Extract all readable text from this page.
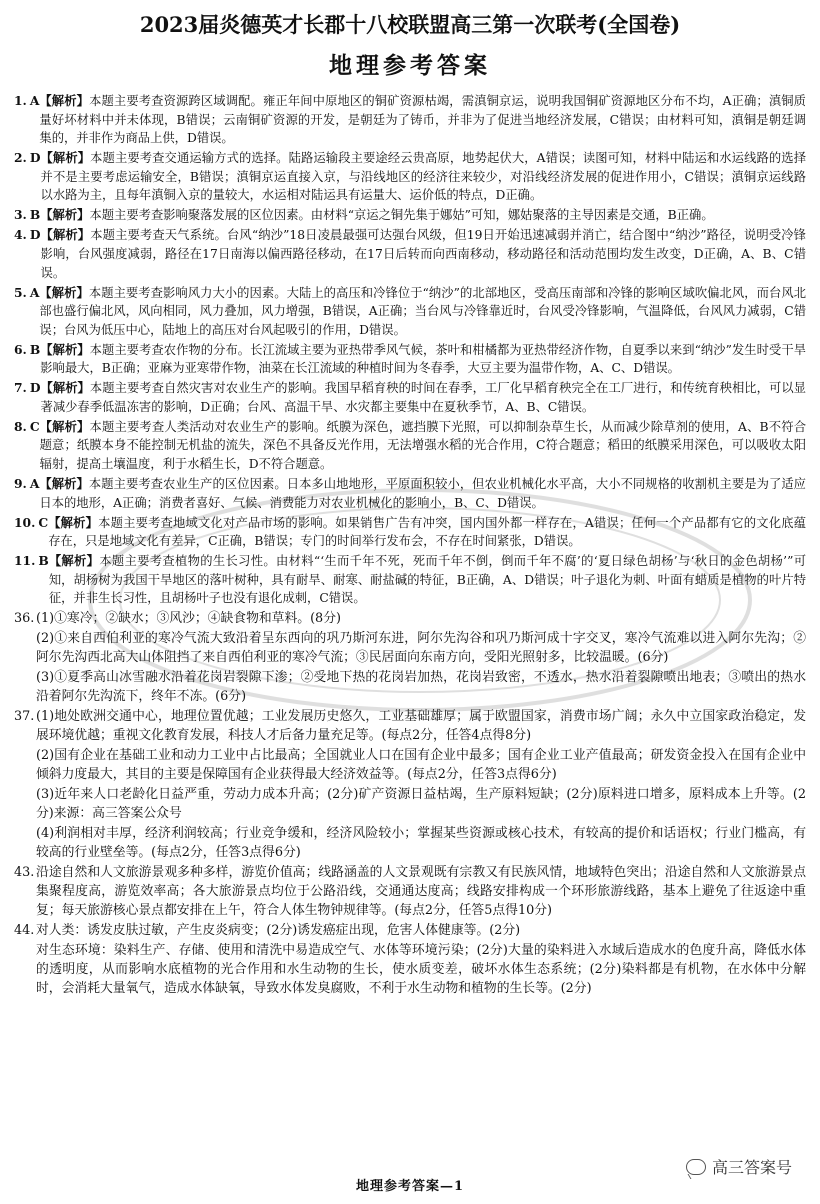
2023届炎德英才长郡十八校联盟高三第一次联考(全国卷)
地理参考答案
1. A 【解析】本题主要考查资源跨区域调配。雍正年间中原地区的铜矿资源枯竭，需滇铜京运，说明我国铜矿资源地区分布不均，A正确；滇铜质量好坏材料中并未体现，B错误；云南铜矿资源的开发，是朝廷为了铸币，并非为了促进当地经济发展，C错误；由材料可知，滇铜是朝廷调集的，并非作为商品上供，D错误。
2. D 【解析】本题主要考查交通运输方式的选择。陆路运输段主要途经云贵高原，地势起伏大，A错误；读图可知，材料中陆运和水运线路的选择并不是主要考虑运输安全，B错误；滇铜京运直接入京，与沿线地区的经济往来较少，对沿线经济发展的促进作用小，C错误；滇铜京运线路以水路为主，且每年滇铜入京的量较大，水运相对陆运具有运量大、运价低的特点，D正确。
3. B 【解析】本题主要考查影响聚落发展的区位因素。由材料“京运之铜先集于娜姑”可知，娜姑聚落的主导因素是交通，B正确。
4. D 【解析】本题主要考查天气系统。台风“纳沙”18日凌晨最强可达强台风级，但19日开始迅速减弱并消亡，结合图中“纳沙”路径，说明受冷锋影响，台风强度减弱，路径在17日南海以偏西路径移动，在17日后转而向西南移动，移动路径和活动范围均发生改变，D正确，A、B、C错误。
5. A 【解析】本题主要考查影响风力大小的因素。大陆上的高压和冷锋位于“纳沙”的北部地区，受高压南部和冷锋的影响区域吹偏北风，而台风北部也盛行偏北风，风向相同，风力叠加，风力增强，B错误，A正确；当台风与冷锋靠近时，台风受冷锋影响，气温降低，台风风力减弱，C错误；台风为低压中心，陆地上的高压对台风起吸引的作用，D错误。
6. B 【解析】本题主要考查农作物的分布。长江流域主要为亚热带季风气候，茶叶和柑橘都为亚热带经济作物，自夏季以来到“纳沙”发生时受干旱影响最大，B正确；亚麻为亚寒带作物，油菜在长江流域的种植时间为冬春季，大豆主要为温带作物，A、C、D错误。
7. D 【解析】本题主要考查自然灾害对农业生产的影响。我国早稻育秧的时间在春季，工厂化早稻育秧完全在工厂进行，和传统育秧相比，可以显著减少春季低温冻害的影响，D正确；台风、高温干旱、水灾都主要集中在夏秋季节，A、B、C错误。
8. C 【解析】本题主要考查人类活动对农业生产的影响。纸膜为深色，遮挡膜下光照，可以抑制杂草生长，从而减少除草剂的使用，A、B不符合题意；纸膜本身不能控制无机盐的流失，深色不具备反光作用，无法增强水稻的光合作用，C符合题意；稻田的纸膜采用深色，可以吸收太阳辐射，提高土壤温度，利于水稻生长，D不符合题意。
9. A 【解析】本题主要考查农业生产的区位因素。日本多山地地形，平原面积较小，但农业机械化水平高，大小不同规格的收割机主要是为了适应日本的地形，A正确；消费者喜好、气候、消费能力对农业机械化的影响小，B、C、D错误。
10. C 【解析】本题主要考查地域文化对产品市场的影响。如果销售广告有冲突，国内国外都一样存在，A错误；任何一个产品都有它的文化底蕴存在，只是地域文化有差异，C正确，B错误；专门的时间举行发布会，不存在时间紧张，D错误。
11. B 【解析】本题主要考查植物的生长习性。由材料“‘生而千年不死，死而千年不倒，倒而千年不腐’的‘夏日绿色胡杨’与‘秋日的金色胡杨’”可知，胡杨树为我国干旱地区的落叶树种，具有耐旱、耐寒、耐盐碱的特征，B正确，A、D错误；叶子退化为刺、叶面有蜡质是植物的叶片特征，并非生长习性，且胡杨叶子也没有退化成刺，C错误。
36. (1)①寒冷；②缺水；③风沙；④缺食物和草料。(8分)
(2)①来自西伯利亚的寒冷气流大致沿着呈东西向的巩乃斯河东进，阿尔先沟谷和巩乃斯河成十字交叉，寒冷气流难以进入阿尔先沟；②阿尔先沟西北高大山体阻挡了来自西伯利亚的寒冷气流；③民居面向东南方向，受阳光照射多，比较温暖。(6分)
(3)①夏季高山冰雪融水沿着花岗岩裂隙下渗；②受地下热的花岗岩加热，花岗岩致密，不透水，热水沿着裂隙喷出地表；③喷出的热水沿着阿尔先沟流下，终年不冻。(6分)
37. (1)地处欧洲交通中心，地理位置优越；工业发展历史悠久，工业基础雄厚；属于欧盟国家，消费市场广阔；永久中立国家政治稳定，发展环境优越；重视文化教育发展，科技人才后备力量充足等。(每点2分，任答4点得8分)
(2)国有企业在基础工业和动力工业中占比最高；全国就业人口在国有企业中最多；国有企业工业产值最高；研发资金投入在国有企业中倾斜力度最大，其目的主要是保障国有企业获得最大经济效益等。(每点2分，任答3点得6分)
(3)近年来人口老龄化日益严重，劳动力成本升高；(2分)矿产资源日益枯竭，生产原料短缺；(2分)原料进口增多，原料成本上升等。(2分)来源：高三答案公众号
(4)利润相对丰厚，经济利润较高；行业竞争缓和，经济风险较小；掌握某些资源或核心技术，有较高的提价和话语权；行业门槛高，有较高的行业壁垒等。(每点2分，任答3点得6分)
43. 沿途自然和人文旅游景观多种多样，游览价值高；线路涵盖的人文景观既有宗教又有民族风情，地域特色突出；沿途自然和人文旅游景点集聚程度高，游览效率高；各大旅游景点均位于公路沿线，交通通达度高；线路安排构成一个环形旅游线路，基本上避免了往返途中重复；每天旅游核心景点都安排在上午，符合人体生物钟规律等。(每点2分，任答5点得10分)
44. 对人类：诱发皮肤过敏，产生皮炎病变；(2分)诱发癌症出现，危害人体健康等。(2分)
对生态环境：染料生产、存储、使用和清洗中易造成空气、水体等环境污染；(2分)大量的染料进入水域后造成水的色度升高，降低水体的透明度，从而影响水底植物的光合作用和水生动物的生长，使水质变差，破坏水体生态系统；(2分)染料都是有机物，在水体中分解时，会消耗大量氧气，造成水体缺氧，导致水体发臭腐败，不利于水生动物和植物的生长等。(2分)
高三答案号
地理参考答案—1
